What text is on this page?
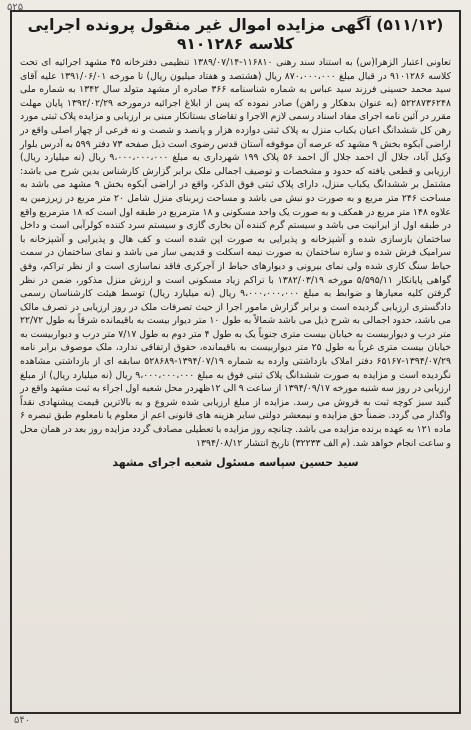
۵۲۵
(۵۱۱/۱۲) آگهی مزایده اموال غیر منقول پرونده اجرایی کلاسه ۹۱۰۱۲۸۶

تعاونی اعتبار الزهرا(س) به استناد سند رهنی ۱۱۶۸۱۰-۱۳۸۹/۰۷/۱۴ تنظیمی دفترخانه ۴۵ مشهد اجرائیه ای تحت کلاسه ۹۱۰۱۲۸۶ در قبال مبلغ ۸۷۰،۰۰۰،۰۰۰ ریال (هشتصد و هفتاد میلیون ریال) تا مورخه ۱۳۹۱/۰۶/۰۱ علیه آقای سید محمد حسینی فرزند سید عباس به شماره شناسنامه ۳۶۶ صادره از مشهد متولد سال ۱۳۴۲ به شماره ملی ۵۲۲۸۷۳۶۲۴۸ (به عنوان بدهکار و راهن) صادر نموده که پس از ابلاغ اجرائیه درمورخه ۱۳۹۲/۰۲/۲۹ پایان مهلت مقرر در آئین نامه اجرای مفاد اسناد رسمی لازم الاجرا و تقاضای بستانکار مبنی بر ارزیابی و مزایده پلاک ثبتی مورد رهن کل ششدانگ اعیان یکباب منزل به پلاک ثبتی دوازده هزار و پانصد و شصت و نه فرعی از چهار اصلی واقع در اراضی آبکوه بخش ۹ مشهد که عرصه آن موقوفه آستان قدس رضوی است ذیل صفحه ۷۳ دفتر ۵۹۹ به آدرس بلوار وکیل آباد، جلال آل احمد جلال آل احمد ۵۶ پلاک ۱۹۹ شهرداری به مبلغ ۹،۰۰۰،۰۰۰،۰۰۰ ریال (نه میلیارد ریال) ارزیابی و قطعی یافته که حدود و مشخصات و توصیف اجمالی ملک برابر گزارش کارشناس بدین شرح می باشد: مشتمل بر ششدانگ یکباب منزل، دارای پلاک ثبتی فوق الذکر، واقع در اراضی آبکوه بخش ۹ مشهد می باشد به مساحت ۲۴۶ متر مربع و به صورت دو نبش می باشد و مساحت زیربنای منزل شامل ۲۰ متر مربع در زیرزمین به علاوه ۱۴۸ متر مربع در همکف و به صورت یک واحد مسکونی و ۱۸ مترمربع در طبقه اول است که ۱۸ مترمربع واقع در طبقه اول از ایرانیت می باشد و سیستم گرم کننده آن بخاری گازی و سیستم سرد کننده کولرآبی است و داخل ساختمان بازسازی شده و آشپزخانه و پذیرایی به صورت اپن شده است و کف هال و پذیرایی و آشپزخانه با سرامیک فرش شده و سازه ساختمان به صورت نیمه اسکلت و قدیمی ساز می باشد و نمای ساختمان در سمت حیاط سنگ کاری شده ولی نمای بیرونی و دیوارهای حیاط از آجرکری فاقد نماسازی است و از نظر تراکم، وفق گواهی پایانکار ۵/۵۹۵/۱۱ مورخه ۱۳۸۲/۰۳/۱۹ با تراکم زیاد مسکونی است و ارزش منزل مذکور، ضمن در نظر گرفتن کلیه معیارها و ضوابط به مبلغ ۹،۰۰۰،۰۰۰،۰۰۰ ریال (نه میلیارد ریال) توسط هیئت کارشناسان رسمی دادگستری ارزیابی گردیده است و برابر گزارش مامور اجرا از حیث تصرفات ملک در روز ارزیابی در تصرف مالک می باشد، حدود اجمالی به شرح ذیل می باشد شمالاً به طول ۱۰ متر دیوار بیست به باقیمانده شرقاً به طول ۲۲/۷۲ متر درب و دیواربیست به خیابان بیست متری جنوباً یک به طول ۴ متر دوم به طول ۷/۱۷ متر درب و دیواربیست به خیابان بیست متری غرباً به طول ۲۵ متر دیواربیست به باقیمانده، حقوق ارتفاقی ندارد، ملک موصوف برابر نامه ۱۳۹۴/۰۷/۲۹-۶۵۱۶۷ دفتر املاک بازداشتی وارده به شماره ۱۳۹۴/۰۷/۱۹-۵۲۸۶۸۹ سابقه ای از بازداشتی مشاهده نگردیده است و مزایده به صورت ششدانگ پلاک ثبتی فوق به مبلغ ۹،۰۰۰،۰۰۰،۰۰۰ ریال (نه میلیارد ریال) از مبلغ ارزیابی در روز سه شنبه مورخه ۱۳۹۴/۰۹/۱۷ از ساعت ۹ الی ۱۲ظهردر محل شعبه اول اجراء به ثبت مشهد واقع در گنبد سبز کوچه ثبت به فروش می رسد. مزایده از مبلغ ارزیابی شده شروع و به بالاترین قیمت پیشنهادی نقداً واگذار می گردد. ضمناً حق مزایده و نیمعشر دولتی سایر هزینه های قانونی اعم از معلوم یا نامعلوم طبق تبصره ۶ ماده ۱۲۱ به عهده برنده مزایده می باشد. چنانچه روز مزایده با تعطیلی مصادف گردد مزایده روز بعد در همان محل و ساعت انجام خواهد شد. (م الف ۳۲۲۳۳) تاریخ انتشار ۱۳۹۴/۰۸/۱۲

سید حسین سپاسه مسئول شعبه اجرای مشهد
۵۴۰
